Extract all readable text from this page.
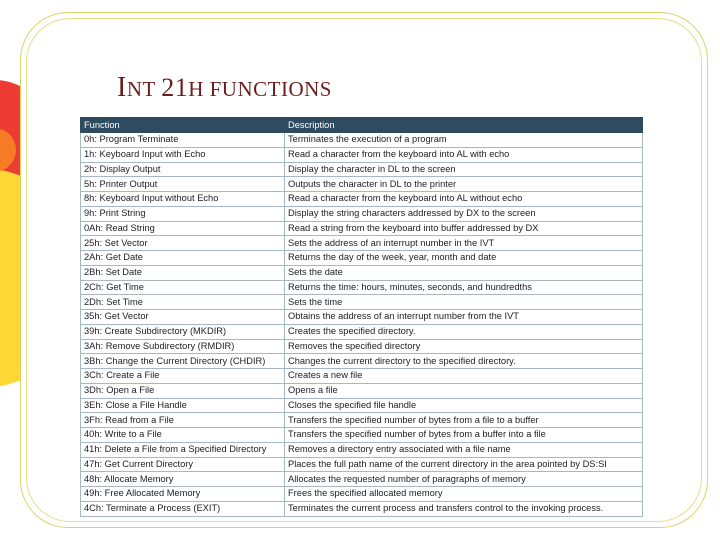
INT 21H FUNCTIONS
Function	Description
0h: Program Terminate	Terminates the execution of a program
1h: Keyboard Input with Echo	Read a character from the keyboard into AL with echo
2h: Display Output	Display the character in DL to the screen
5h: Printer Output	Outputs the character in DL to the printer
8h: Keyboard Input without Echo	Read a character from the keyboard into AL without echo
9h: Print String	Display the string characters addressed by DX to the screen
0Ah: Read String	Read a string from the keyboard into buffer addressed by DX
25h: Set Vector	Sets the address of an interrupt number in the IVT
2Ah: Get Date	Returns the day of the week, year, month and date
2Bh: Set Date	Sets the date
2Ch: Get Time	Returns the time: hours, minutes, seconds, and hundredths
2Dh: Set Time	Sets the time
35h: Get Vector	Obtains the address of an interrupt number from the IVT
39h: Create Subdirectory (MKDIR)	Creates the specified directory.
3Ah: Remove Subdirectory (RMDIR)	Removes the specified directory
3Bh: Change the Current Directory (CHDIR)	Changes the current directory to the specified directory.
3Ch: Create a File	Creates a new file
3Dh: Open a File	Opens a file
3Eh: Close a File Handle	Closes the specified file handle
3Fh: Read from a File	Transfers the specified number of bytes from a file to a buffer
40h: Write to a File	Transfers the specified number of bytes from a buffer into a file
41h: Delete a File from a Specified Directory	Removes a directory entry associated with a file name
47h: Get Current Directory	Places the full path name of the current directory in the area pointed by DS:SI
48h: Allocate Memory	Allocates the requested number of paragraphs of memory
49h: Free Allocated Memory	Frees the specified allocated memory
4Ch: Terminate a Process (EXIT)	Terminates the current process and transfers control to the invoking process.
